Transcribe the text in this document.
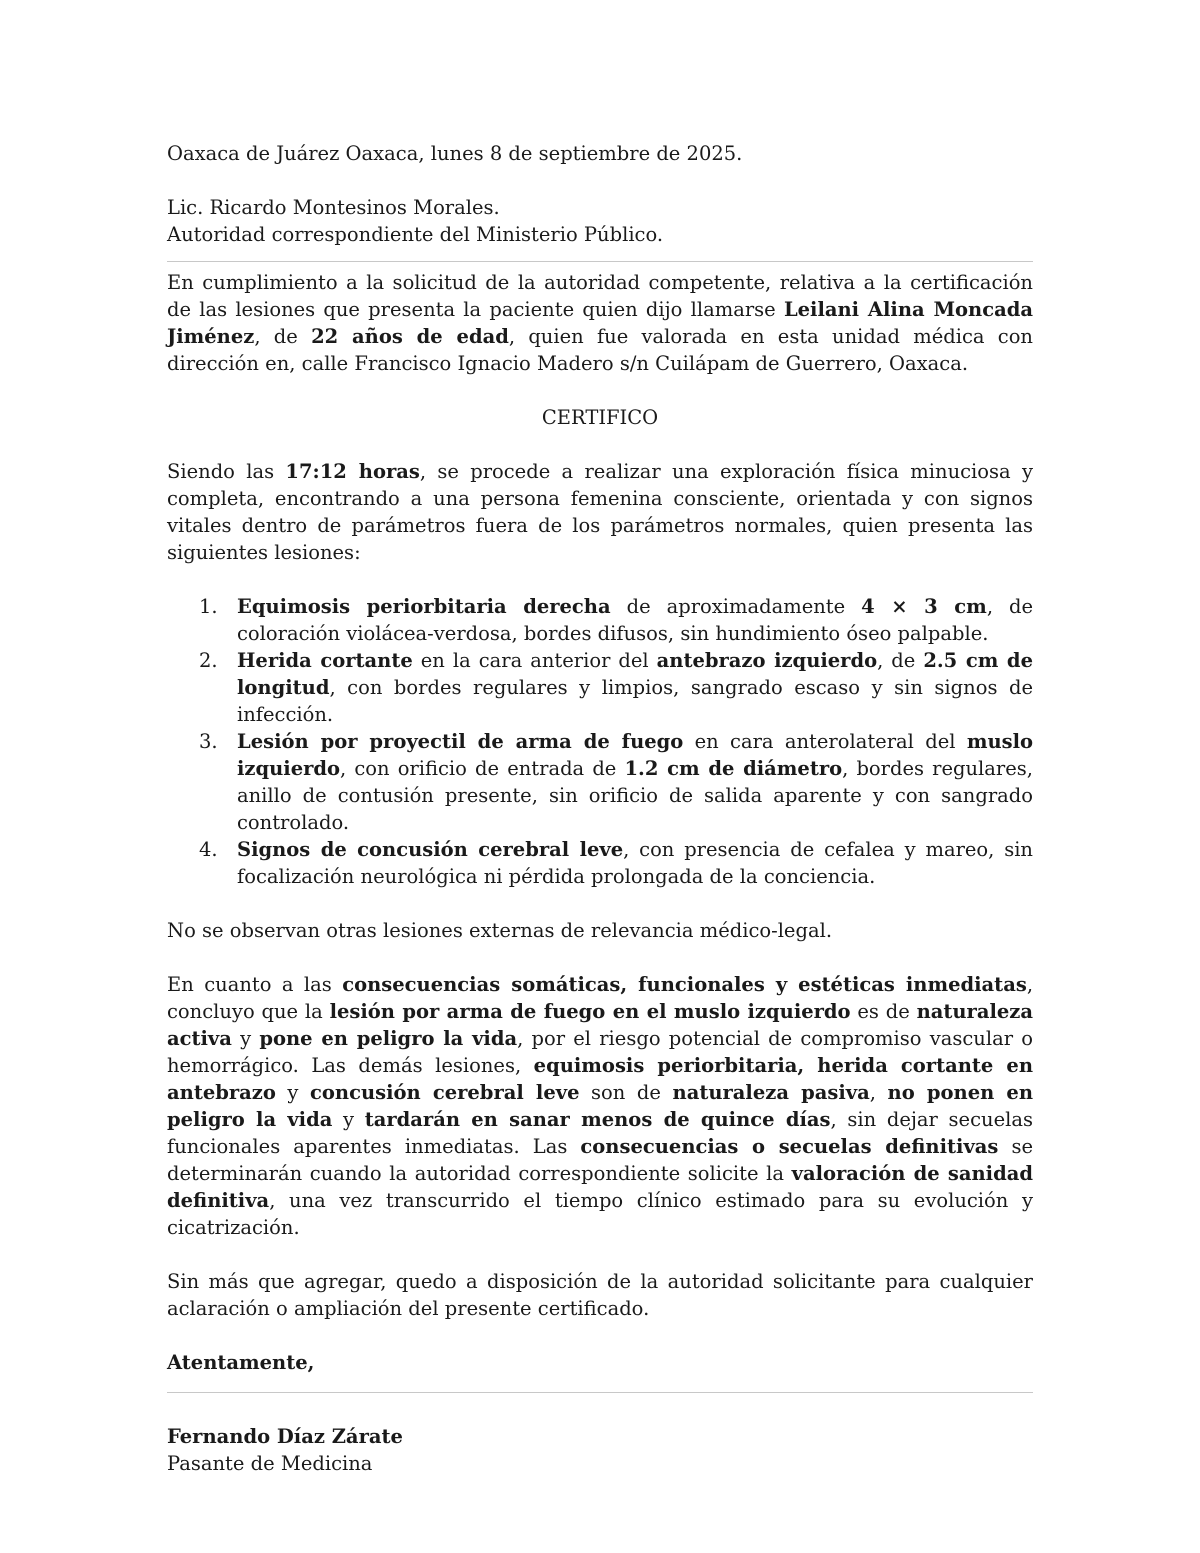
Oaxaca de Juárez Oaxaca, lunes 8 de septiembre de 2025.

Lic. Ricardo Montesinos Morales.

Autoridad correspondiente del Ministerio Público.

En cumplimiento a la solicitud de la autoridad competente, relativa a la certificación de las lesiones que presenta la paciente quien dijo llamarse Leilani Alina Moncada Jiménez, de 22 años de edad, quien fue valorada en esta unidad médica con dirección en, calle Francisco Ignacio Madero s/n Cuilápam de Guerrero, Oaxaca.

CERTIFICO

Siendo las 17:12 horas, se procede a realizar una exploración física minuciosa y completa, encontrando a una persona femenina consciente, orientada y con signos vitales dentro de parámetros fuera de los parámetros normales, quien presenta las siguientes lesiones:

1. Equimosis periorbitaria derecha de aproximadamente 4 × 3 cm, de coloración violácea-verdosa, bordes difusos, sin hundimiento óseo palpable.
2. Herida cortante en la cara anterior del antebrazo izquierdo, de 2.5 cm de longitud, con bordes regulares y limpios, sangrado escaso y sin signos de infección.
3. Lesión por proyectil de arma de fuego en cara anterolateral del muslo izquierdo, con orificio de entrada de 1.2 cm de diámetro, bordes regulares, anillo de contusión presente, sin orificio de salida aparente y con sangrado controlado.
4. Signos de concusión cerebral leve, con presencia de cefalea y mareo, sin focalización neurológica ni pérdida prolongada de la conciencia.

No se observan otras lesiones externas de relevancia médico-legal.

En cuanto a las consecuencias somáticas, funcionales y estéticas inmediatas, concluyo que la lesión por arma de fuego en el muslo izquierdo es de naturaleza activa y pone en peligro la vida, por el riesgo potencial de compromiso vascular o hemorrágico. Las demás lesiones, equimosis periorbitaria, herida cortante en antebrazo y concusión cerebral leve son de naturaleza pasiva, no ponen en peligro la vida y tardarán en sanar menos de quince días, sin dejar secuelas funcionales aparentes inmediatas. Las consecuencias o secuelas definitivas se determinarán cuando la autoridad correspondiente solicite la valoración de sanidad definitiva, una vez transcurrido el tiempo clínico estimado para su evolución y cicatrización.

Sin más que agregar, quedo a disposición de la autoridad solicitante para cualquier aclaración o ampliación del presente certificado.

Atentamente,

Fernando Díaz Zárate

Pasante de Medicina
